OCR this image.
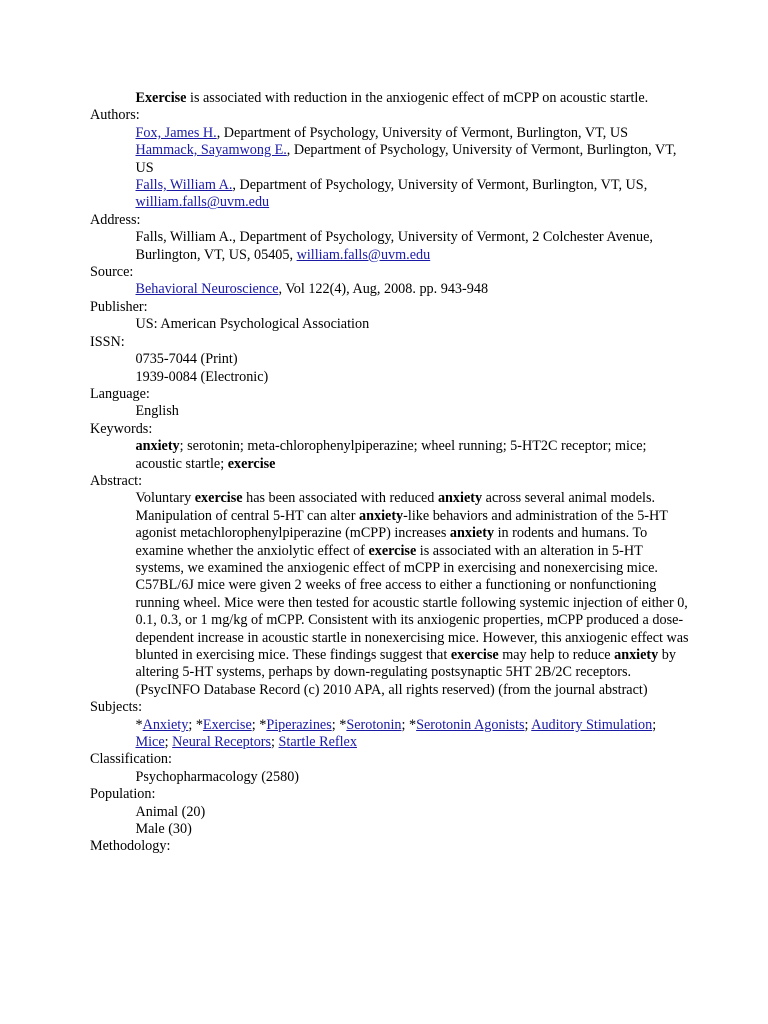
Exercise is associated with reduction in the anxiogenic effect of mCPP on acoustic startle.
Authors:
Fox, James H., Department of Psychology, University of Vermont, Burlington, VT, US
Hammack, Sayamwong E., Department of Psychology, University of Vermont, Burlington, VT, US
Falls, William A., Department of Psychology, University of Vermont, Burlington, VT, US, william.falls@uvm.edu
Address:
Falls, William A., Department of Psychology, University of Vermont, 2 Colchester Avenue, Burlington, VT, US, 05405, william.falls@uvm.edu
Source:
Behavioral Neuroscience, Vol 122(4), Aug, 2008. pp. 943-948
Publisher:
US: American Psychological Association
ISSN:
0735-7044 (Print)
1939-0084 (Electronic)
Language:
English
Keywords:
anxiety; serotonin; meta-chlorophenylpiperazine; wheel running; 5-HT2C receptor; mice; acoustic startle; exercise
Abstract:
Voluntary exercise has been associated with reduced anxiety across several animal models. Manipulation of central 5-HT can alter anxiety-like behaviors and administration of the 5-HT agonist metachlorophenylpiperazine (mCPP) increases anxiety in rodents and humans. To examine whether the anxiolytic effect of exercise is associated with an alteration in 5-HT systems, we examined the anxiogenic effect of mCPP in exercising and nonexercising mice. C57BL/6J mice were given 2 weeks of free access to either a functioning or nonfunctioning running wheel. Mice were then tested for acoustic startle following systemic injection of either 0, 0.1, 0.3, or 1 mg/kg of mCPP. Consistent with its anxiogenic properties, mCPP produced a dose-dependent increase in acoustic startle in nonexercising mice. However, this anxiogenic effect was blunted in exercising mice. These findings suggest that exercise may help to reduce anxiety by altering 5-HT systems, perhaps by down-regulating postsynaptic 5HT 2B/2C receptors. (PsycINFO Database Record (c) 2010 APA, all rights reserved) (from the journal abstract)
Subjects:
*Anxiety; *Exercise; *Piperazines; *Serotonin; *Serotonin Agonists; Auditory Stimulation; Mice; Neural Receptors; Startle Reflex
Classification:
Psychopharmacology (2580)
Population:
Animal (20)
Male (30)
Methodology:
